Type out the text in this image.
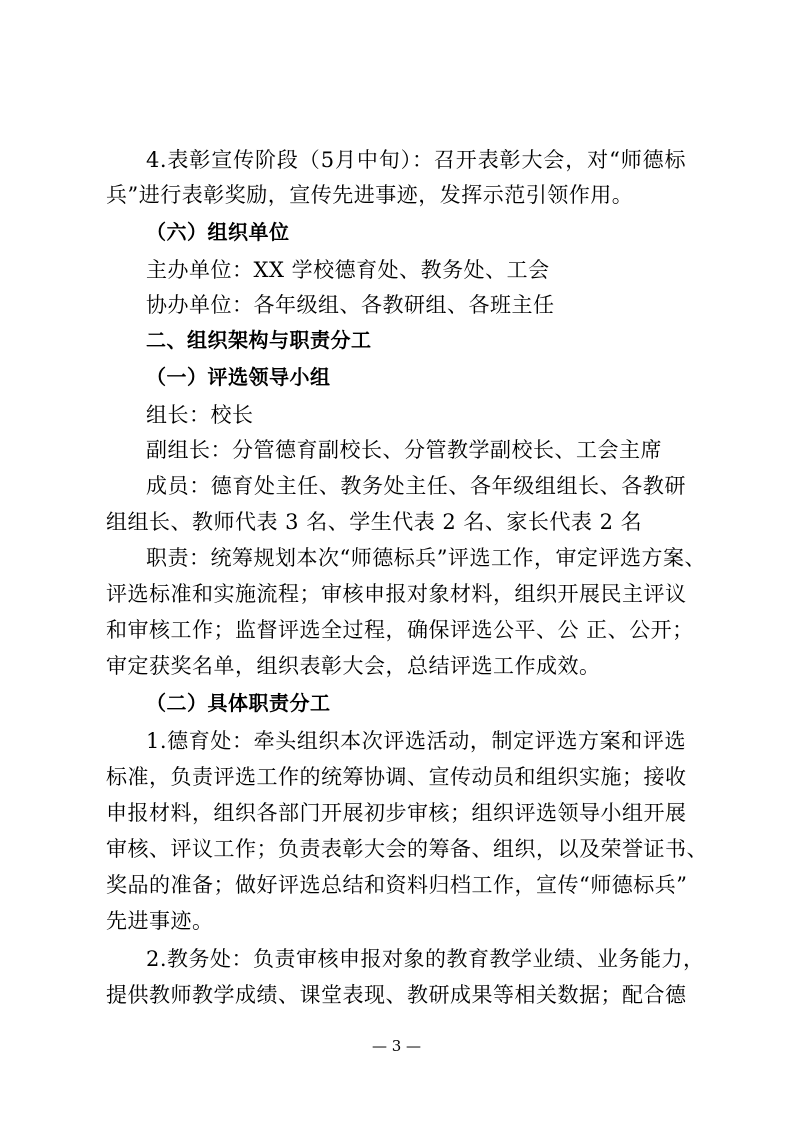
4.表彰宣传阶段（5月中旬）：召开表彰大会，对“师德标
兵”进行表彰奖励，宣传先进事迹，发挥示范引领作用。
（六）组织单位
主办单位：XX 学校德育处、教务处、工会
协办单位：各年级组、各教研组、各班主任
二、组织架构与职责分工
（一）评选领导小组
组长：校长
副组长：分管德育副校长、分管教学副校长、工会主席
成员：德育处主任、教务处主任、各年级组组长、各教研
组组长、教师代表 3 名、学生代表 2 名、家长代表 2 名
职责：统筹规划本次“师德标兵”评选工作，审定评选方案、
评选标准和实施流程；审核申报对象材料，组织开展民主评议
和审核工作；监督评选全过程，确保评选公平、公 正、公开；
审定获奖名单，组织表彰大会，总结评选工作成效。
（二）具体职责分工
1.德育处：牵头组织本次评选活动，制定评选方案和评选
标准，负责评选工作的统筹协调、宣传动员和组织实施；接收
申报材料，组织各部门开展初步审核；组织评选领导小组开展
审核、评议工作；负责表彰大会的筹备、组织，以及荣誉证书、
奖品的准备；做好评选总结和资料归档工作，宣传“师德标兵”
先进事迹。
2.教务处：负责审核申报对象的教育教学业绩、业务能力，
提供教师教学成绩、课堂表现、教研成果等相关数据；配合德
— 3 —
